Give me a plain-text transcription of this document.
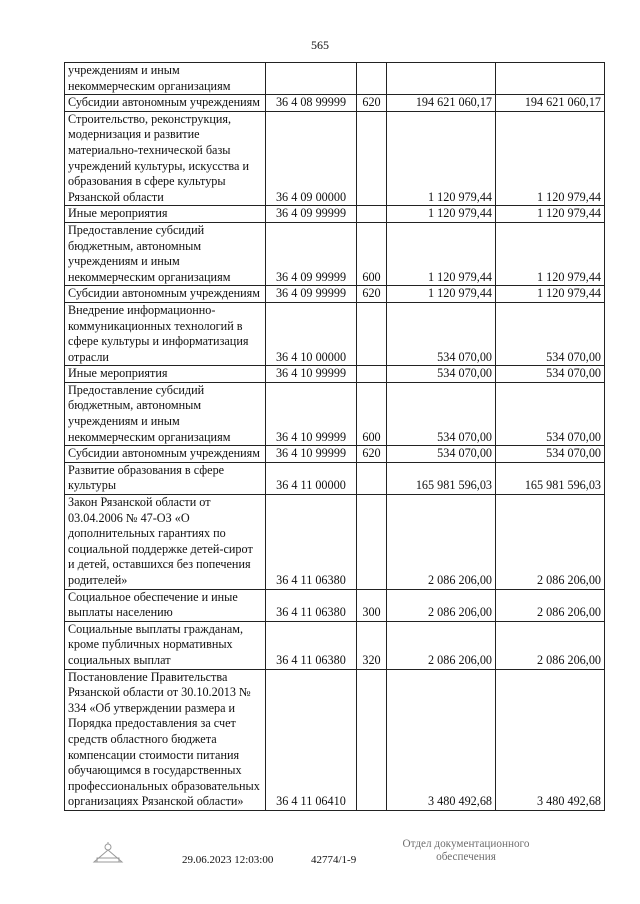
565
учреждениям и иным некоммерческим организациям				
Субсидии автономным учреждениям	36 4 08 99999	620	194 621 060,17	194 621 060,17
Строительство, реконструкция, модернизация и развитие материально-технической базы учреждений культуры, искусства и образования в сфере культуры Рязанской области	36 4 09 00000		1 120 979,44	1 120 979,44
Иные мероприятия	36 4 09 99999		1 120 979,44	1 120 979,44
Предоставление субсидий бюджетным, автономным учреждениям и иным некоммерческим организациям	36 4 09 99999	600	1 120 979,44	1 120 979,44
Субсидии автономным учреждениям	36 4 09 99999	620	1 120 979,44	1 120 979,44
Внедрение информационно-коммуникационных технологий в сфере культуры и информатизация отрасли	36 4 10 00000		534 070,00	534 070,00
Иные мероприятия	36 4 10 99999		534 070,00	534 070,00
Предоставление субсидий бюджетным, автономным учреждениям и иным некоммерческим организациям	36 4 10 99999	600	534 070,00	534 070,00
Субсидии автономным учреждениям	36 4 10 99999	620	534 070,00	534 070,00
Развитие образования в сфере культуры	36 4 11 00000		165 981 596,03	165 981 596,03
Закон Рязанской области от 03.04.2006 № 47-ОЗ «О дополнительных гарантиях по социальной поддержке детей-сирот и детей, оставшихся без попечения родителей»	36 4 11 06380		2 086 206,00	2 086 206,00
Социальное обеспечение и иные выплаты населению	36 4 11 06380	300	2 086 206,00	2 086 206,00
Социальные выплаты гражданам, кроме публичных нормативных социальных выплат	36 4 11 06380	320	2 086 206,00	2 086 206,00
Постановление Правительства Рязанской области от 30.10.2013 № 334 «Об утверждении размера и Порядка предоставления за счет средств областного бюджета компенсации стоимости питания обучающимся в государственных профессиональных образовательных организациях Рязанской области»	36 4 11 06410		3 480 492,68	3 480 492,68
Отдел документационного
обеспечения
29.06.2023 12:03:00	42774/1-9
